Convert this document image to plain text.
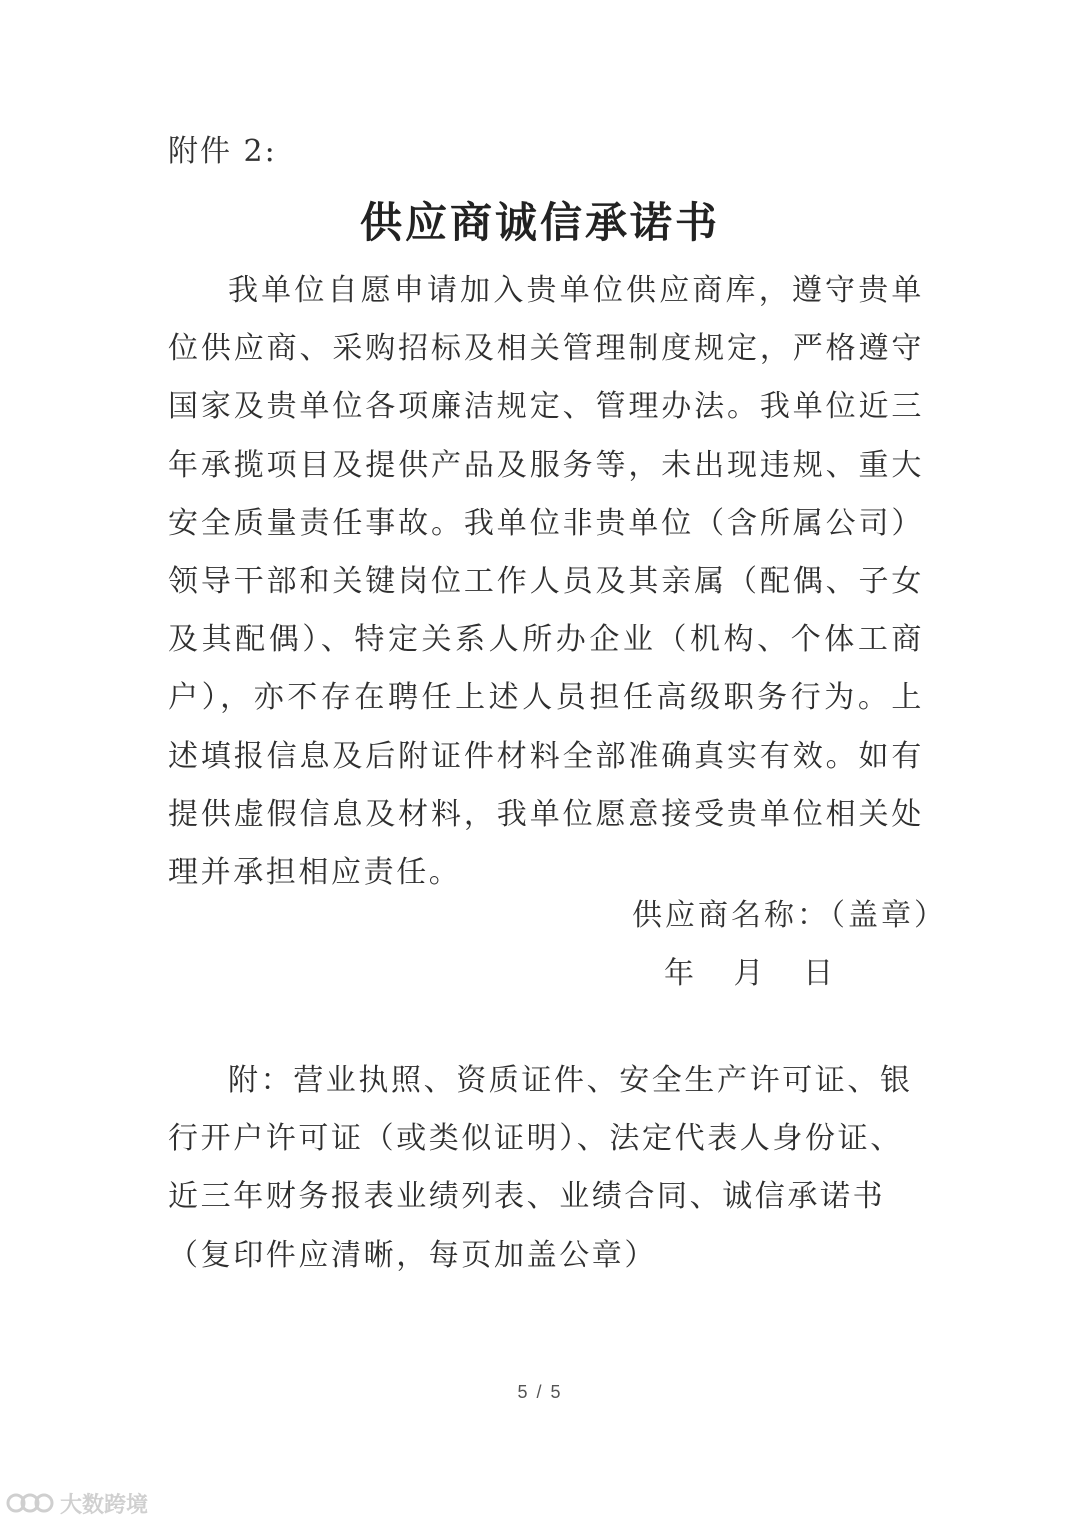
附件 2:
供应商诚信承诺书

我单位自愿申请加入贵单位供应商库，遵守贵单位供应商、采购招标及相关管理制度规定，严格遵守国家及贵单位各项廉洁规定、管理办法。我单位近三年承揽项目及提供产品及服务等，未出现违规、重大安全质量责任事故。我单位非贵单位（含所属公司）领导干部和关键岗位工作人员及其亲属（配偶、子女及其配偶）、特定关系人所办企业（机构、个体工商户），亦不存在聘任上述人员担任高级职务行为。上述填报信息及后附证件材料全部准确真实有效。如有提供虚假信息及材料，我单位愿意接受贵单位相关处理并承担相应责任。

供应商名称：（盖章）
年 月 日

附：营业执照、资质证件、安全生产许可证、银行开户许可证（或类似证明）、法定代表人身份证、近三年财务报表业绩列表、业绩合同、诚信承诺书（复印件应清晰，每页加盖公章）

5 / 5
大数跨境
